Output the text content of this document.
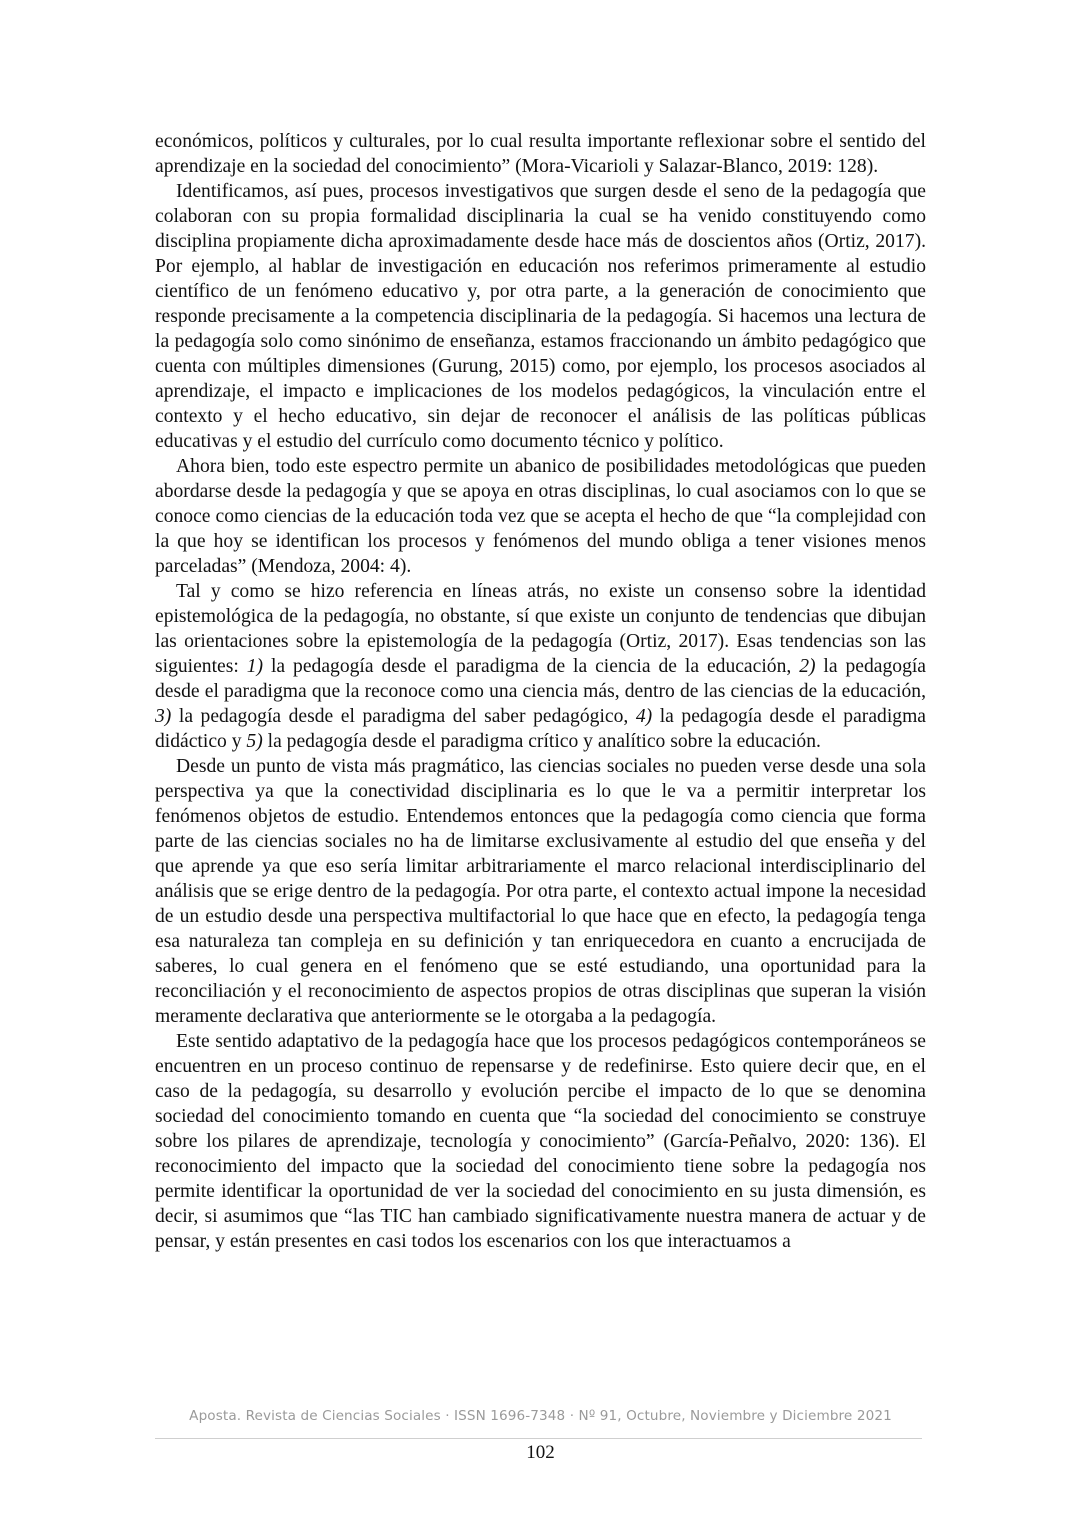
económicos, políticos y culturales, por lo cual resulta importante reflexionar sobre el sentido del aprendizaje en la sociedad del conocimiento” (Mora-Vicarioli y Salazar-Blanco, 2019: 128).

Identificamos, así pues, procesos investigativos que surgen desde el seno de la pedagogía que colaboran con su propia formalidad disciplinaria la cual se ha venido constituyendo como disciplina propiamente dicha aproximadamente desde hace más de doscientos años (Ortiz, 2017). Por ejemplo, al hablar de investigación en educación nos referimos primeramente al estudio científico de un fenómeno educativo y, por otra parte, a la generación de conocimiento que responde precisamente a la competencia disciplinaria de la pedagogía. Si hacemos una lectura de la pedagogía solo como sinónimo de enseñanza, estamos fraccionando un ámbito pedagógico que cuenta con múltiples dimensiones (Gurung, 2015) como, por ejemplo, los procesos asociados al aprendizaje, el impacto e implicaciones de los modelos pedagógicos, la vinculación entre el contexto y el hecho educativo, sin dejar de reconocer el análisis de las políticas públicas educativas y el estudio del currículo como documento técnico y político.

Ahora bien, todo este espectro permite un abanico de posibilidades metodológicas que pueden abordarse desde la pedagogía y que se apoya en otras disciplinas, lo cual asociamos con lo que se conoce como ciencias de la educación toda vez que se acepta el hecho de que “la complejidad con la que hoy se identifican los procesos y fenómenos del mundo obliga a tener visiones menos parceladas” (Mendoza, 2004: 4).

Tal y como se hizo referencia en líneas atrás, no existe un consenso sobre la identidad epistemológica de la pedagogía, no obstante, sí que existe un conjunto de tendencias que dibujan las orientaciones sobre la epistemología de la pedagogía (Ortiz, 2017). Esas tendencias son las siguientes: 1) la pedagogía desde el paradigma de la ciencia de la educación, 2) la pedagogía desde el paradigma que la reconoce como una ciencia más, dentro de las ciencias de la educación, 3) la pedagogía desde el paradigma del saber pedagógico, 4) la pedagogía desde el paradigma didáctico y 5) la pedagogía desde el paradigma crítico y analítico sobre la educación.

Desde un punto de vista más pragmático, las ciencias sociales no pueden verse desde una sola perspectiva ya que la conectividad disciplinaria es lo que le va a permitir interpretar los fenómenos objetos de estudio. Entendemos entonces que la pedagogía como ciencia que forma parte de las ciencias sociales no ha de limitarse exclusivamente al estudio del que enseña y del que aprende ya que eso sería limitar arbitrariamente el marco relacional interdisciplinario del análisis que se erige dentro de la pedagogía. Por otra parte, el contexto actual impone la necesidad de un estudio desde una perspectiva multifactorial lo que hace que en efecto, la pedagogía tenga esa naturaleza tan compleja en su definición y tan enriquecedora en cuanto a encrucijada de saberes, lo cual genera en el fenómeno que se esté estudiando, una oportunidad para la reconciliación y el reconocimiento de aspectos propios de otras disciplinas que superan la visión meramente declarativa que anteriormente se le otorgaba a la pedagogía.

Este sentido adaptativo de la pedagogía hace que los procesos pedagógicos contemporáneos se encuentren en un proceso continuo de repensarse y de redefinirse. Esto quiere decir que, en el caso de la pedagogía, su desarrollo y evolución percibe el impacto de lo que se denomina sociedad del conocimiento tomando en cuenta que “la sociedad del conocimiento se construye sobre los pilares de aprendizaje, tecnología y conocimiento” (García-Peñalvo, 2020: 136). El reconocimiento del impacto que la sociedad del conocimiento tiene sobre la pedagogía nos permite identificar la oportunidad de ver la sociedad del conocimiento en su justa dimensión, es decir, si asumimos que “las TIC han cambiado significativamente nuestra manera de actuar y de pensar, y están presentes en casi todos los escenarios con los que interactuamos a

Aposta. Revista de Ciencias Sociales · ISSN 1696-7348 · Nº 91, Octubre, Noviembre y Diciembre 2021
102
